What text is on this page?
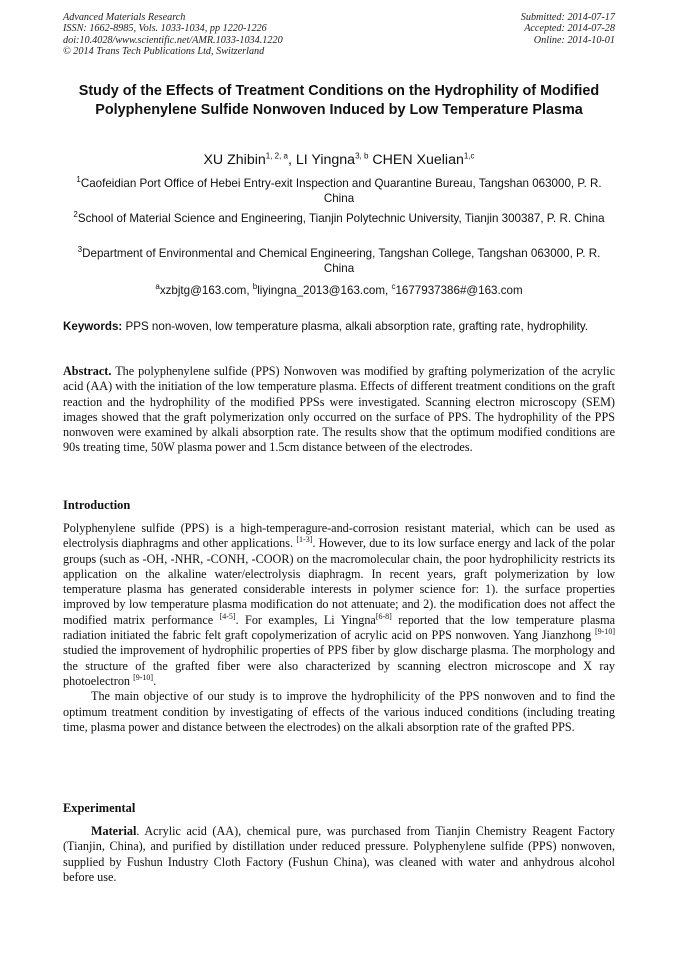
Advanced Materials Research
ISSN: 1662-8985, Vols. 1033-1034, pp 1220-1226
doi:10.4028/www.scientific.net/AMR.1033-1034.1220
© 2014 Trans Tech Publications Ltd, Switzerland
Submitted: 2014-07-17
Accepted: 2014-07-28
Online: 2014-10-01
Study of the Effects of Treatment Conditions on the Hydrophility of Modified Polyphenylene Sulfide Nonwoven Induced by Low Temperature Plasma
XU Zhibin$^{1, 2, a}$, LI Yingna$^{3, b}$ CHEN Xuelian$^{1,c}$
$^1$Caofeidian Port Office of Hebei Entry-exit Inspection and Quarantine Bureau, Tangshan 063000, P. R. China
$^2$School of Material Science and Engineering, Tianjin Polytechnic University, Tianjin 300387, P. R. China
$^3$Department of Environmental and Chemical Engineering, Tangshan College, Tangshan 063000, P. R. China
$^a$xzbjtg@163.com, $^b$liyingna_2013@163.com, $^c$1677937386#@163.com
Keywords: PPS non-woven, low temperature plasma, alkali absorption rate, grafting rate, hydrophility.
Abstract. The polyphenylene sulfide (PPS) Nonwoven was modified by grafting polymerization of the acrylic acid (AA) with the initiation of the low temperature plasma. Effects of different treatment conditions on the graft reaction and the hydrophility of the modified PPSs were investigated. Scanning electron microscopy (SEM) images showed that the graft polymerization only occurred on the surface of PPS. The hydrophility of the PPS nonwoven were examined by alkali absorption rate. The results show that the optimum modified conditions are 90s treating time, 50W plasma power and 1.5cm distance between of the electrodes.
Introduction

Polyphenylene sulfide (PPS) is a high-temperagure-and-corrosion resistant material, which can be used as electrolysis diaphragms and other applications. [1-3]. However, due to its low surface energy and lack of the polar groups (such as -OH, -NHR, -CONH, -COOR) on the macromolecular chain, the poor hydrophilicity restricts its application on the alkaline water/electrolysis diaphragm. In recent years, graft polymerization by low temperature plasma has generated considerable interests in polymer science for: 1). the surface properties improved by low temperature plasma modification do not attenuate; and 2). the modification does not affect the modified matrix performance [4-5]. For examples, Li Yingna[6-8] reported that the low temperature plasma radiation initiated the fabric felt graft copolymerization of acrylic acid on PPS nonwoven. Yang Jianzhong [9-10] studied the improvement of hydrophilic properties of PPS fiber by glow discharge plasma. The morphology and the structure of the grafted fiber were also characterized by scanning electron microscope and X ray photoelectron [9-10].

The main objective of our study is to improve the hydrophilicity of the PPS nonwoven and to find the optimum treatment condition by investigating of effects of the various induced conditions (including treating time, plasma power and distance between the electrodes) on the alkali absorption rate of the grafted PPS.

Experimental

Material. Acrylic acid (AA), chemical pure, was purchased from Tianjin Chemistry Reagent Factory (Tianjin, China), and purified by distillation under reduced pressure. Polyphenylene sulfide (PPS) nonwoven, supplied by Fushun Industry Cloth Factory (Fushun China), was cleaned with water and anhydrous alcohol before use.
